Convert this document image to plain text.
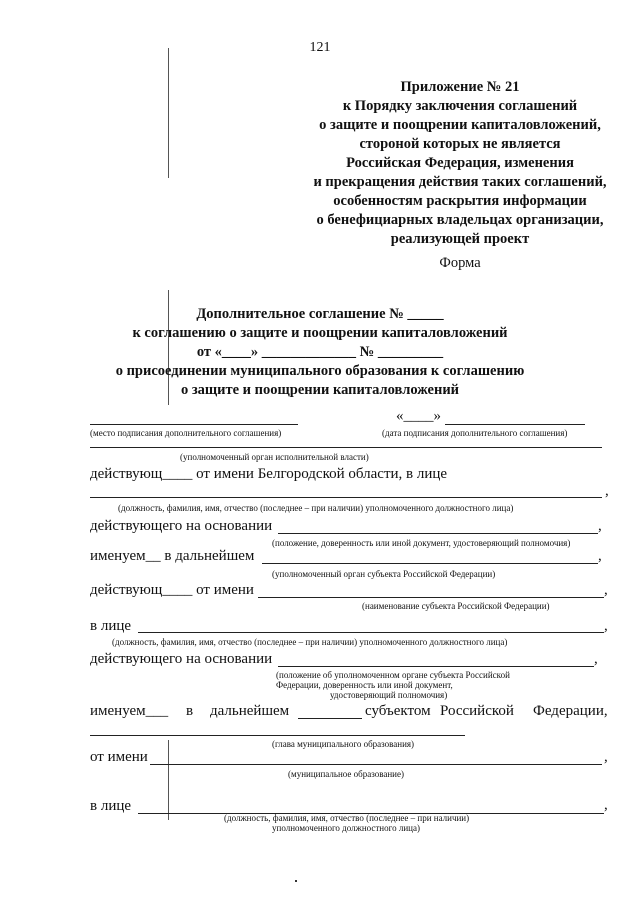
121
Приложение № 21
к Порядку заключения соглашений
о защите и поощрении капиталовложений,
стороной которых не является
Российская Федерация, изменения
и прекращения действия таких соглашений,
особенностям раскрытия информации
о бенефициарных владельцах организации,
реализующей проект
Форма
Дополнительное соглашение № _____
к соглашению о защите и поощрении капиталовложений
от «____» _____________ № _________
о присоединении муниципального образования к соглашению
о защите и поощрении капиталовложений
«____»
(место подписания дополнительного соглашения)	(дата подписания дополнительного соглашения)
(уполномоченный орган исполнительной власти)
действующ____ от имени Белгородской области, в лице
,
(должность, фамилия, имя, отчество (последнее – при наличии) уполномоченного должностного лица)
действующего на основании	,
(положение, доверенность или иной документ, удостоверяющий полномочия)
именуем__ в дальнейшем	,
(уполномоченный орган субъекта Российской Федерации)
действующ____ от имени	,
(наименование субъекта Российской Федерации)
в лице	,
(должность, фамилия, имя, отчество (последнее – при наличии) уполномоченного должностного лица)
действующего на основании	,
(положение об уполномоченном органе субъекта Российской
Федерации, доверенность или иной документ,
удостоверяющий полномочия)
именуем___ в дальнейшем	субъектом Российской Федерации,
(глава муниципального образования)
от имени	,
(муниципальное образование)
в лице	,
(должность, фамилия, имя, отчество (последнее – при наличии)
уполномоченного должностного лица)
